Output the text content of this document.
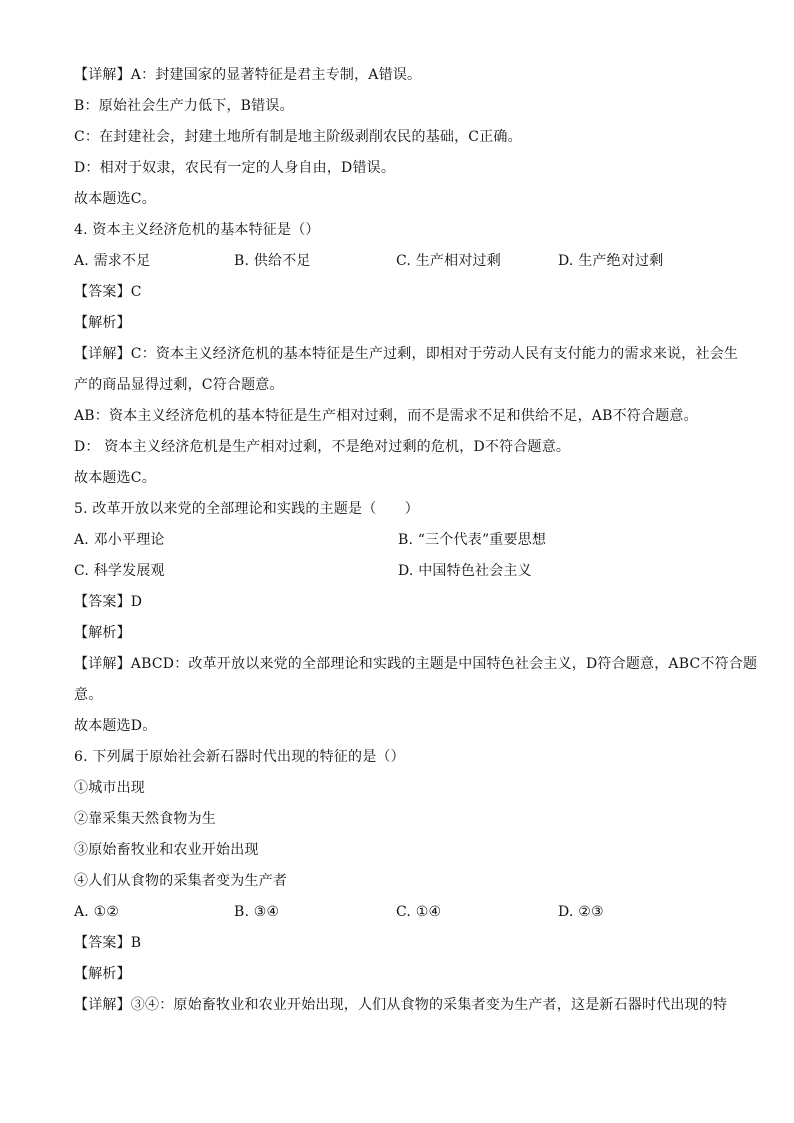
【详解】A：封建国家的显著特征是君主专制，A错误。
B：原始社会生产力低下，B错误。
C：在封建社会，封建土地所有制是地主阶级剥削农民的基础，C正确。
D：相对于奴隶，农民有一定的人身自由，D错误。
故本题选C。
4. 资本主义经济危机的基本特征是（）
A. 需求不足	B. 供给不足	C. 生产相对过剩	D. 生产绝对过剩
【答案】C
【解析】
【详解】C：资本主义经济危机的基本特征是生产过剩，即相对于劳动人民有支付能力的需求来说，社会生
产的商品显得过剩，C符合题意。
AB：资本主义经济危机的基本特征是生产相对过剩，而不是需求不足和供给不足，AB不符合题意。
D： 资本主义经济危机是生产相对过剩，不是绝对过剩的危机，D不符合题意。
故本题选C。
5. 改革开放以来党的全部理论和实践的主题是（　　）
A. 邓小平理论	B. “三个代表”重要思想
C. 科学发展观	D. 中国特色社会主义
【答案】D
【解析】
【详解】ABCD：改革开放以来党的全部理论和实践的主题是中国特色社会主义，D符合题意，ABC不符合题
意。
故本题选D。
6. 下列属于原始社会新石器时代出现的特征的是（）
①城市出现
②靠采集天然食物为生
③原始畜牧业和农业开始出现
④人们从食物的采集者变为生产者
A. ①②	B. ③④	C. ①④	D. ②③
【答案】B
【解析】
【详解】③④：原始畜牧业和农业开始出现，人们从食物的采集者变为生产者，这是新石器时代出现的特
